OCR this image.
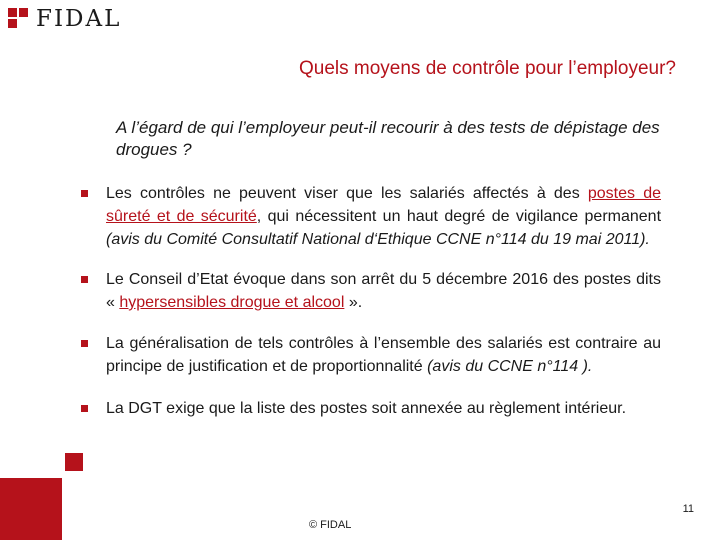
FIDAL
Quels moyens de contrôle pour l’employeur?
A l’égard de qui l’employeur peut-il recourir à des tests de dépistage des drogues ?
Les contrôles ne peuvent viser que les salariés affectés à des postes de sûreté et de sécurité, qui nécessitent un haut degré de vigilance permanent (avis du Comité Consultatif National d‘Ethique CCNE n°114 du 19 mai 2011).
Le Conseil d’Etat évoque dans son arrêt du 5 décembre 2016 des postes dits « hypersensibles drogue et alcool ».
La généralisation de tels contrôles à l’ensemble des salariés est contraire au principe de justification et de proportionnalité (avis du CCNE n°114 ).
La DGT exige que la liste des postes soit annexée au règlement intérieur.
11
© FIDAL
